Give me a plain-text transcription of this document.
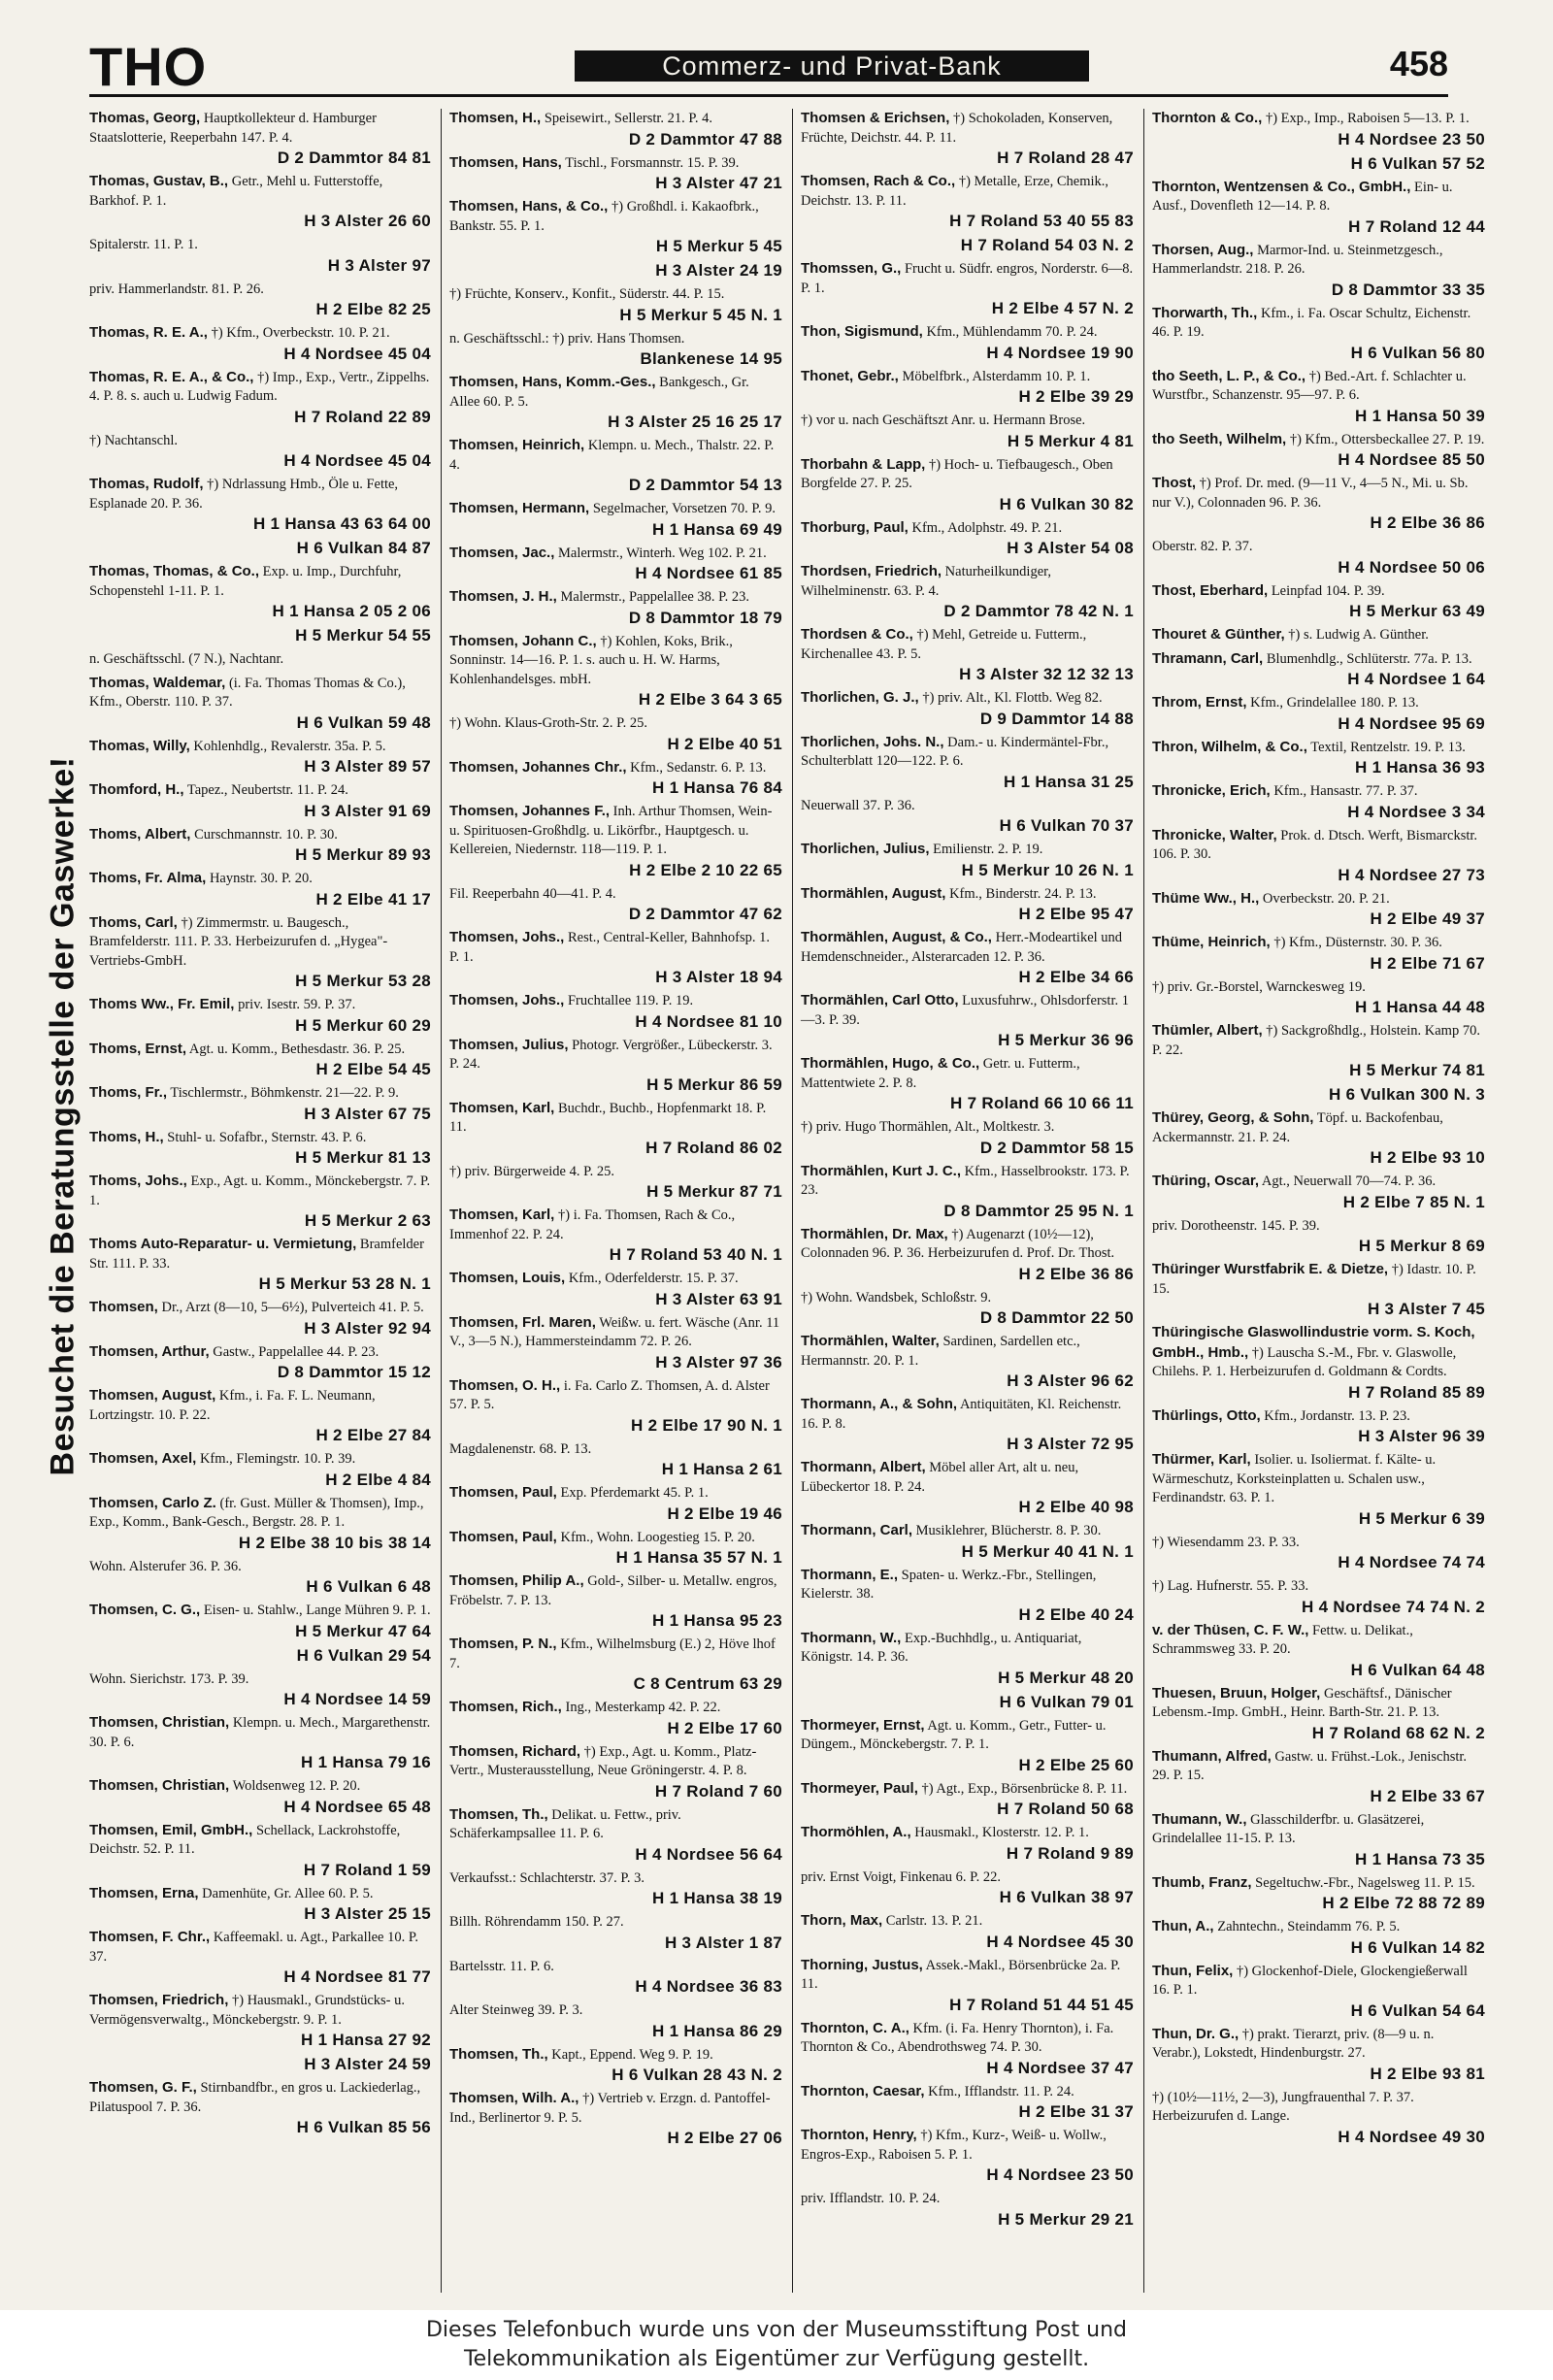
THO	Commerz- und Privat-Bank	458
Besuchet die Beratungsstelle der Gaswerke!
Thomas, Georg, Hauptkollekteur d. Hamburger Staatslotterie, Reeperbahn 147. P. 4.
D 2 Dammtor 84 81
Thomas, Gustav, B., Getr., Mehl u. Futterstoffe, Barkhof. P. 1.
H 3 Alster 26 60
Spitalerstr. 11. P. 1.
H 3 Alster 97
priv. Hammerlandstr. 81. P. 26.
H 2 Elbe 82 25
Thomas, R. E. A., †) Kfm., Overbeckstr. 10. P. 21.
H 4 Nordsee 45 04
Thomas, R. E. A., & Co., †) Imp., Exp., Vertr., Zippelhs. 4. P. 8. s. auch u. Ludwig Fadum.
H 7 Roland 22 89
†) Nachtanschl.
H 4 Nordsee 45 04
Thomas, Rudolf, †) Ndrlassung Hmb., Öle u. Fette, Esplanade 20. P. 36.
H 1 Hansa 43 63 64 00
H 6 Vulkan 84 87
Thomas, Thomas, & Co., Exp. u. Imp., Durchfuhr, Schopenstehl 1-11. P. 1.
H 1 Hansa 2 05 2 06
H 5 Merkur 54 55
n. Geschäftsschl. (7 N.), Nachtanr.
Thomas, Waldemar, (i. Fa. Thomas Thomas & Co.), Kfm., Oberstr. 110. P. 37.
H 6 Vulkan 59 48
Thomas, Willy, Kohlenhdlg., Revalerstr. 35a. P. 5.
H 3 Alster 89 57
Thomford, H., Tapez., Neubertstr. 11. P. 24.
H 3 Alster 91 69
Thoms, Albert, Curschmannstr. 10. P. 30.
H 5 Merkur 89 93
Thoms, Fr. Alma, Haynstr. 30. P. 20.
H 2 Elbe 41 17
Thoms, Carl, †) Zimmermstr. u. Baugesch., Bramfelderstr. 111. P. 33. Herbeizurufen d. „Hygea"-Vertriebs-GmbH.
H 5 Merkur 53 28
Thoms Ww., Fr. Emil, priv. Isestr. 59. P. 37.
H 5 Merkur 60 29
Thoms, Ernst, Agt. u. Komm., Bethesdastr. 36. P. 25.
H 2 Elbe 54 45
Thoms, Fr., Tischlermstr., Böhmkenstr. 21—22. P. 9.
H 3 Alster 67 75
Thoms, H., Stuhl- u. Sofafbr., Sternstr. 43. P. 6.
H 5 Merkur 81 13
Thoms, Johs., Exp., Agt. u. Komm., Mönckebergstr. 7. P. 1.
H 5 Merkur 2 63
Thoms Auto-Reparatur- u. Vermietung, Bramfelder Str. 111. P. 33.
H 5 Merkur 53 28 N. 1
Thomsen, Dr., Arzt (8—10, 5—6½), Pulverteich 41. P. 5.
H 3 Alster 92 94
Thomsen, Arthur, Gastw., Pappelallee 44. P. 23.
D 8 Dammtor 15 12
Thomsen, August, Kfm., i. Fa. F. L. Neumann, Lortzingstr. 10. P. 22.
H 2 Elbe 27 84
Thomsen, Axel, Kfm., Flemingstr. 10. P. 39.
H 2 Elbe 4 84
Thomsen, Carlo Z. (fr. Gust. Müller & Thomsen), Imp., Exp., Komm., Bank-Gesch., Bergstr. 28. P. 1.
H 2 Elbe 38 10 bis 38 14
Wohn. Alsterufer 36. P. 36.
H 6 Vulkan 6 48
Thomsen, C. G., Eisen- u. Stahlw., Lange Mühren 9. P. 1.
H 5 Merkur 47 64
H 6 Vulkan 29 54
Wohn. Sierichstr. 173. P. 39.
H 4 Nordsee 14 59
Thomsen, Christian, Klempn. u. Mech., Margarethenstr. 30. P. 6.
H 1 Hansa 79 16
Thomsen, Christian, Woldsenweg 12. P. 20.
H 4 Nordsee 65 48
Thomsen, Emil, GmbH., Schellack, Lackrohstoffe, Deichstr. 52. P. 11.
H 7 Roland 1 59
Thomsen, Erna, Damenhüte, Gr. Allee 60. P. 5.
H 3 Alster 25 15
Thomsen, F. Chr., Kaffeemakl. u. Agt., Parkallee 10. P. 37.
H 4 Nordsee 81 77
Thomsen, Friedrich, †) Hausmakl., Grundstücks- u. Vermögensverwaltg., Mönckebergstr. 9. P. 1.
H 1 Hansa 27 92
H 3 Alster 24 59
Thomsen, G. F., Stirnbandfbr., en gros u. Lackiederlag., Pilatuspool 7. P. 36.
H 6 Vulkan 85 56
Thomsen, H., Speisewirt., Sellerstr. 21. P. 4.
D 2 Dammtor 47 88
Thomsen, Hans, Tischl., Forsmannstr. 15. P. 39.
H 3 Alster 47 21
Thomsen, Hans, & Co., †) Großhdl. i. Kakaofbrk., Bankstr. 55. P. 1.
H 5 Merkur 5 45
H 3 Alster 24 19
†) Früchte, Konserv., Konfit., Süderstr. 44. P. 15.
H 5 Merkur 5 45 N. 1
n. Geschäftsschl.: †) priv. Hans Thomsen.
Blankenese 14 95
Thomsen, Hans, Komm.-Ges., Bankgesch., Gr. Allee 60. P. 5.
H 3 Alster 25 16 25 17
Thomsen, Heinrich, Klempn. u. Mech., Thalstr. 22. P. 4.
D 2 Dammtor 54 13
Thomsen, Hermann, Segelmacher, Vorsetzen 70. P. 9.
H 1 Hansa 69 49
Thomsen, Jac., Malermstr., Winterh. Weg 102. P. 21.
H 4 Nordsee 61 85
Thomsen, J. H., Malermstr., Pappelallee 38. P. 23.
D 8 Dammtor 18 79
Thomsen, Johann C., †) Kohlen, Koks, Brik., Sonninstr. 14—16. P. 1. s. auch u. H. W. Harms, Kohlenhandelsges. mbH.
H 2 Elbe 3 64 3 65
†) Wohn. Klaus-Groth-Str. 2. P. 25.
H 2 Elbe 40 51
Thomsen, Johannes Chr., Kfm., Sedanstr. 6. P. 13.
H 1 Hansa 76 84
Thomsen, Johannes F., Inh. Arthur Thomsen, Wein- u. Spirituosen-Großhdlg. u. Likörfbr., Hauptgesch. u. Kellereien, Niedernstr. 118—119. P. 1.
H 2 Elbe 2 10 22 65
Fil. Reeperbahn 40—41. P. 4.
D 2 Dammtor 47 62
Thomsen, Johs., Rest., Central-Keller, Bahnhofsp. 1. P. 1.
H 3 Alster 18 94
Thomsen, Johs., Fruchtallee 119. P. 19.
H 4 Nordsee 81 10
Thomsen, Julius, Photogr. Vergrößer., Lübeckerstr. 3. P. 24.
H 5 Merkur 86 59
Thomsen, Karl, Buchdr., Buchb., Hopfenmarkt 18. P. 11.
H 7 Roland 86 02
†) priv. Bürgerweide 4. P. 25.
H 5 Merkur 87 71
Thomsen, Karl, †) i. Fa. Thomsen, Rach & Co., Immenhof 22. P. 24.
H 7 Roland 53 40 N. 1
Thomsen, Louis, Kfm., Oderfelderstr. 15. P. 37.
H 3 Alster 63 91
Thomsen, Frl. Maren, Weißw. u. fert. Wäsche (Anr. 11 V., 3—5 N.), Hammersteindamm 72. P. 26.
H 3 Alster 97 36
Thomsen, O. H., i. Fa. Carlo Z. Thomsen, A. d. Alster 57. P. 5.
H 2 Elbe 17 90 N. 1
Magdalenenstr. 68. P. 13.
H 1 Hansa 2 61
Thomsen, Paul, Exp. Pferdemarkt 45. P. 1.
H 2 Elbe 19 46
Thomsen, Paul, Kfm., Wohn. Loogestieg 15. P. 20.
H 1 Hansa 35 57 N. 1
Thomsen, Philip A., Gold-, Silber- u. Metallw. engros, Fröbelstr. 7. P. 13.
H 1 Hansa 95 23
Thomsen, P. N., Kfm., Wilhelmsburg (E.) 2, Höve lhof 7.
C 8 Centrum 63 29
Thomsen, Rich., Ing., Mesterkamp 42. P. 22.
H 2 Elbe 17 60
Thomsen, Richard, †) Exp., Agt. u. Komm., Platz-Vertr., Musterausstellung, Neue Gröningerstr. 4. P. 8.
H 7 Roland 7 60
Thomsen, Th., Delikat. u. Fettw., priv. Schäferkampsallee 11. P. 6.
H 4 Nordsee 56 64
Verkaufsst.: Schlachterstr. 37. P. 3.
H 1 Hansa 38 19
Billh. Röhrendamm 150. P. 27.
H 3 Alster 1 87
Bartelsstr. 11. P. 6.
H 4 Nordsee 36 83
Alter Steinweg 39. P. 3.
H 1 Hansa 86 29
Thomsen, Th., Kapt., Eppend. Weg 9. P. 19.
H 6 Vulkan 28 43 N. 2
Thomsen, Wilh. A., †) Vertrieb v. Erzgn. d. Pantoffel-Ind., Berlinertor 9. P. 5.
H 2 Elbe 27 06
Thomsen & Erichsen, †) Schokoladen, Konserven, Früchte, Deichstr. 44. P. 11.
H 7 Roland 28 47
Thomsen, Rach & Co., †) Metalle, Erze, Chemik., Deichstr. 13. P. 11.
H 7 Roland 53 40 55 83
H 7 Roland 54 03 N. 2
Thomssen, G., Frucht u. Südfr. engros, Norderstr. 6—8. P. 1.
H 2 Elbe 4 57 N. 2
Thon, Sigismund, Kfm., Mühlendamm 70. P. 24.
H 4 Nordsee 19 90
Thonet, Gebr., Möbelfbrk., Alsterdamm 10. P. 1.
H 2 Elbe 39 29
†) vor u. nach Geschäftszt Anr. u. Hermann Brose.
H 5 Merkur 4 81
Thorbahn & Lapp, †) Hoch- u. Tiefbaugesch., Oben Borgfelde 27. P. 25.
H 6 Vulkan 30 82
Thorburg, Paul, Kfm., Adolphstr. 49. P. 21.
H 3 Alster 54 08
Thordsen, Friedrich, Naturheilkundiger, Wilhelminenstr. 63. P. 4.
D 2 Dammtor 78 42 N. 1
Thordsen & Co., †) Mehl, Getreide u. Futterm., Kirchenallee 43. P. 5.
H 3 Alster 32 12 32 13
Thorlichen, G. J., †) priv. Alt., Kl. Flottb. Weg 82.
D 9 Dammtor 14 88
Thorlichen, Johs. N., Dam.- u. Kindermäntel-Fbr., Schulterblatt 120—122. P. 6.
H 1 Hansa 31 25
Neuerwall 37. P. 36.
H 6 Vulkan 70 37
Thorlichen, Julius, Emilienstr. 2. P. 19.
H 5 Merkur 10 26 N. 1
Thormählen, August, Kfm., Binderstr. 24. P. 13.
H 2 Elbe 95 47
Thormählen, August, & Co., Herr.-Modeartikel und Hemdenschneider., Alsterarcaden 12. P. 36.
H 2 Elbe 34 66
Thormählen, Carl Otto, Luxusfuhrw., Ohlsdorferstr. 1—3. P. 39.
H 5 Merkur 36 96
Thormählen, Hugo, & Co., Getr. u. Futterm., Mattentwiete 2. P. 8.
H 7 Roland 66 10 66 11
†) priv. Hugo Thormählen, Alt., Moltkestr. 3.
D 2 Dammtor 58 15
Thormählen, Kurt J. C., Kfm., Hasselbrookstr. 173. P. 23.
D 8 Dammtor 25 95 N. 1
Thormählen, Dr. Max, †) Augenarzt (10½—12), Colonnaden 96. P. 36. Herbeizurufen d. Prof. Dr. Thost.
H 2 Elbe 36 86
†) Wohn. Wandsbek, Schloßstr. 9.
D 8 Dammtor 22 50
Thormählen, Walter, Sardinen, Sardellen etc., Hermannstr. 20. P. 1.
H 3 Alster 96 62
Thormann, A., & Sohn, Antiquitäten, Kl. Reichenstr. 16. P. 8.
H 3 Alster 72 95
Thormann, Albert, Möbel aller Art, alt u. neu, Lübeckertor 18. P. 24.
H 2 Elbe 40 98
Thormann, Carl, Musiklehrer, Blücherstr. 8. P. 30.
H 5 Merkur 40 41 N. 1
Thormann, E., Spaten- u. Werkz.-Fbr., Stellingen, Kielerstr. 38.
H 2 Elbe 40 24
Thormann, W., Exp.-Buchhdlg., u. Antiquariat, Königstr. 14. P. 36.
H 5 Merkur 48 20
H 6 Vulkan 79 01
Thormeyer, Ernst, Agt. u. Komm., Getr., Futter- u. Düngem., Mönckebergstr. 7. P. 1.
H 2 Elbe 25 60
Thormeyer, Paul, †) Agt., Exp., Börsenbrücke 8. P. 11.
H 7 Roland 50 68
Thormöhlen, A., Hausmakl., Klosterstr. 12. P. 1.
H 7 Roland 9 89
priv. Ernst Voigt, Finkenau 6. P. 22.
H 6 Vulkan 38 97
Thorn, Max, Carlstr. 13. P. 21.
H 4 Nordsee 45 30
Thorning, Justus, Assek.-Makl., Börsenbrücke 2a. P. 11.
H 7 Roland 51 44 51 45
Thornton, C. A., Kfm. (i. Fa. Henry Thornton), i. Fa. Thornton & Co., Abendrothsweg 74. P. 30.
H 4 Nordsee 37 47
Thornton, Caesar, Kfm., Ifflandstr. 11. P. 24.
H 2 Elbe 31 37
Thornton, Henry, †) Kfm., Kurz-, Weiß- u. Wollw., Engros-Exp., Raboisen 5. P. 1.
H 4 Nordsee 23 50
priv. Ifflandstr. 10. P. 24.
H 5 Merkur 29 21
Thornton & Co., †) Exp., Imp., Raboisen 5—13. P. 1.
H 4 Nordsee 23 50
H 6 Vulkan 57 52
Thornton, Wentzensen & Co., GmbH., Ein- u. Ausf., Dovenfleth 12—14. P. 8.
H 7 Roland 12 44
Thorsen, Aug., Marmor-Ind. u. Steinmetzgesch., Hammerlandstr. 218. P. 26.
D 8 Dammtor 33 35
Thorwarth, Th., Kfm., i. Fa. Oscar Schultz, Eichenstr. 46. P. 19.
H 6 Vulkan 56 80
tho Seeth, L. P., & Co., †) Bed.-Art. f. Schlachter u. Wurstfbr., Schanzenstr. 95—97. P. 6.
H 1 Hansa 50 39
tho Seeth, Wilhelm, †) Kfm., Ottersbeckallee 27. P. 19.
H 4 Nordsee 85 50
Thost, †) Prof. Dr. med. (9—11 V., 4—5 N., Mi. u. Sb. nur V.), Colonnaden 96. P. 36.
H 2 Elbe 36 86
Oberstr. 82. P. 37.
H 4 Nordsee 50 06
Thost, Eberhard, Leinpfad 104. P. 39.
H 5 Merkur 63 49
Thouret & Günther, †) s. Ludwig A. Günther.
Thramann, Carl, Blumenhdlg., Schlüterstr. 77a. P. 13.
H 4 Nordsee 1 64
Throm, Ernst, Kfm., Grindelallee 180. P. 13.
H 4 Nordsee 95 69
Thron, Wilhelm, & Co., Textil, Rentzelstr. 19. P. 13.
H 1 Hansa 36 93
Thronicke, Erich, Kfm., Hansastr. 77. P. 37.
H 4 Nordsee 3 34
Thronicke, Walter, Prok. d. Dtsch. Werft, Bismarckstr. 106. P. 30.
H 4 Nordsee 27 73
Thüme Ww., H., Overbeckstr. 20. P. 21.
H 2 Elbe 49 37
Thüme, Heinrich, †) Kfm., Düsternstr. 30. P. 36.
H 2 Elbe 71 67
†) priv. Gr.-Borstel, Warnckesweg 19.
H 1 Hansa 44 48
Thümler, Albert, †) Sackgroßhdlg., Holstein. Kamp 70. P. 22.
H 5 Merkur 74 81
H 6 Vulkan 300 N. 3
Thürey, Georg, & Sohn, Töpf. u. Backofenbau, Ackermannstr. 21. P. 24.
H 2 Elbe 93 10
Thüring, Oscar, Agt., Neuerwall 70—74. P. 36.
H 2 Elbe 7 85 N. 1
priv. Dorotheenstr. 145. P. 39.
H 5 Merkur 8 69
Thüringer Wurstfabrik E. & Dietze, †) Idastr. 10. P. 15.
H 3 Alster 7 45
Thüringische Glaswollindustrie vorm. S. Koch, GmbH., Hmb., †) Lauscha S.-M., Fbr. v. Glaswolle, Chilehs. P. 1. Herbeizurufen d. Goldmann & Cordts.
H 7 Roland 85 89
Thürlings, Otto, Kfm., Jordanstr. 13. P. 23.
H 3 Alster 96 39
Thürmer, Karl, Isolier. u. Isoliermat. f. Kälte- u. Wärmeschutz, Korksteinplatten u. Schalen usw., Ferdinandstr. 63. P. 1.
H 5 Merkur 6 39
†) Wiesendamm 23. P. 33.
H 4 Nordsee 74 74
†) Lag. Hufnerstr. 55. P. 33.
H 4 Nordsee 74 74 N. 2
v. der Thüsen, C. F. W., Fettw. u. Delikat., Schrammsweg 33. P. 20.
H 6 Vulkan 64 48
Thuesen, Bruun, Holger, Geschäftsf., Dänischer Lebensm.-Imp. GmbH., Heinr. Barth-Str. 21. P. 13.
H 7 Roland 68 62 N. 2
Thumann, Alfred, Gastw. u. Frühst.-Lok., Jenischstr. 29. P. 15.
H 2 Elbe 33 67
Thumann, W., Glasschilderfbr. u. Glasätzerei, Grindelallee 11-15. P. 13.
H 1 Hansa 73 35
Thumb, Franz, Segeltuchw.-Fbr., Nagelsweg 11. P. 15.
H 2 Elbe 72 88 72 89
Thun, A., Zahntechn., Steindamm 76. P. 5.
H 6 Vulkan 14 82
Thun, Felix, †) Glockenhof-Diele, Glockengießerwall 16. P. 1.
H 6 Vulkan 54 64
Thun, Dr. G., †) prakt. Tierarzt, priv. (8—9 u. n. Verabr.), Lokstedt, Hindenburgstr. 27.
H 2 Elbe 93 81
†) (10½—11½, 2—3), Jungfrauenthal 7. P. 37. Herbeizurufen d. Lange.
H 4 Nordsee 49 30
Dieses Telefonbuch wurde uns von der Museumsstiftung Post und
Telekommunikation als Eigentümer zur Verfügung gestellt.
